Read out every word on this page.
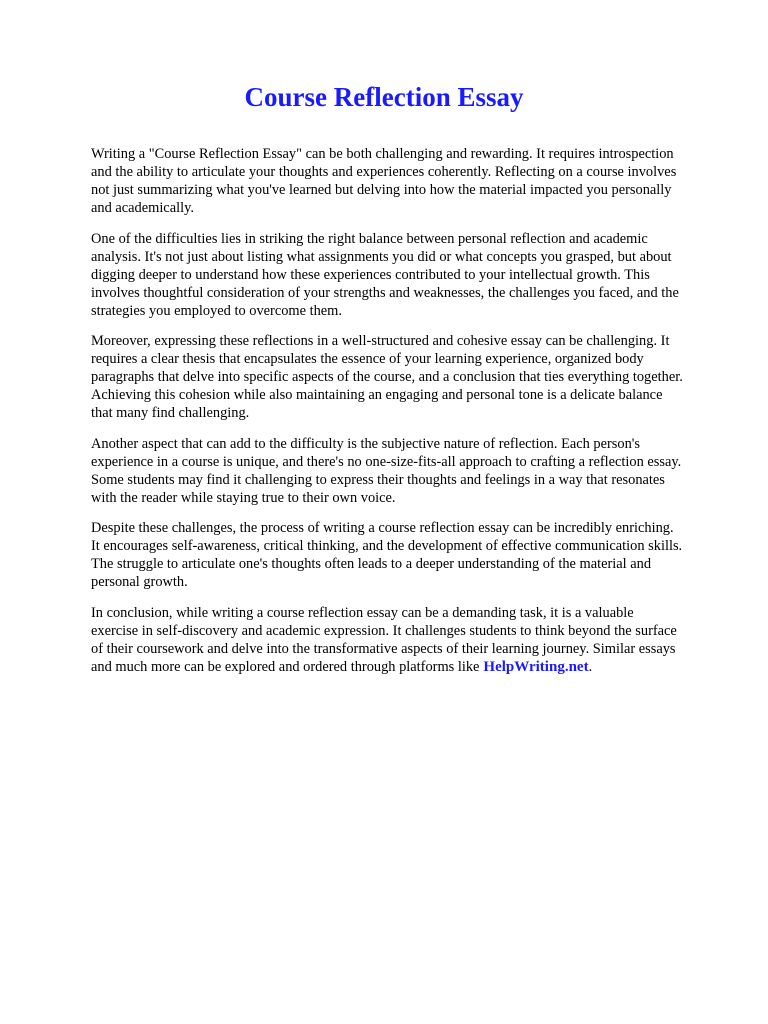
Course Reflection Essay

Writing a "Course Reflection Essay" can be both challenging and rewarding. It requires introspection and the ability to articulate your thoughts and experiences coherently. Reflecting on a course involves not just summarizing what you've learned but delving into how the material impacted you personally and academically.

One of the difficulties lies in striking the right balance between personal reflection and academic analysis. It's not just about listing what assignments you did or what concepts you grasped, but about digging deeper to understand how these experiences contributed to your intellectual growth. This involves thoughtful consideration of your strengths and weaknesses, the challenges you faced, and the strategies you employed to overcome them.

Moreover, expressing these reflections in a well-structured and cohesive essay can be challenging. It requires a clear thesis that encapsulates the essence of your learning experience, organized body paragraphs that delve into specific aspects of the course, and a conclusion that ties everything together. Achieving this cohesion while also maintaining an engaging and personal tone is a delicate balance that many find challenging.

Another aspect that can add to the difficulty is the subjective nature of reflection. Each person's experience in a course is unique, and there's no one-size-fits-all approach to crafting a reflection essay. Some students may find it challenging to express their thoughts and feelings in a way that resonates with the reader while staying true to their own voice.

Despite these challenges, the process of writing a course reflection essay can be incredibly enriching. It encourages self-awareness, critical thinking, and the development of effective communication skills. The struggle to articulate one's thoughts often leads to a deeper understanding of the material and personal growth.

In conclusion, while writing a course reflection essay can be a demanding task, it is a valuable exercise in self-discovery and academic expression. It challenges students to think beyond the surface of their coursework and delve into the transformative aspects of their learning journey. Similar essays and much more can be explored and ordered through platforms like HelpWriting.net.
